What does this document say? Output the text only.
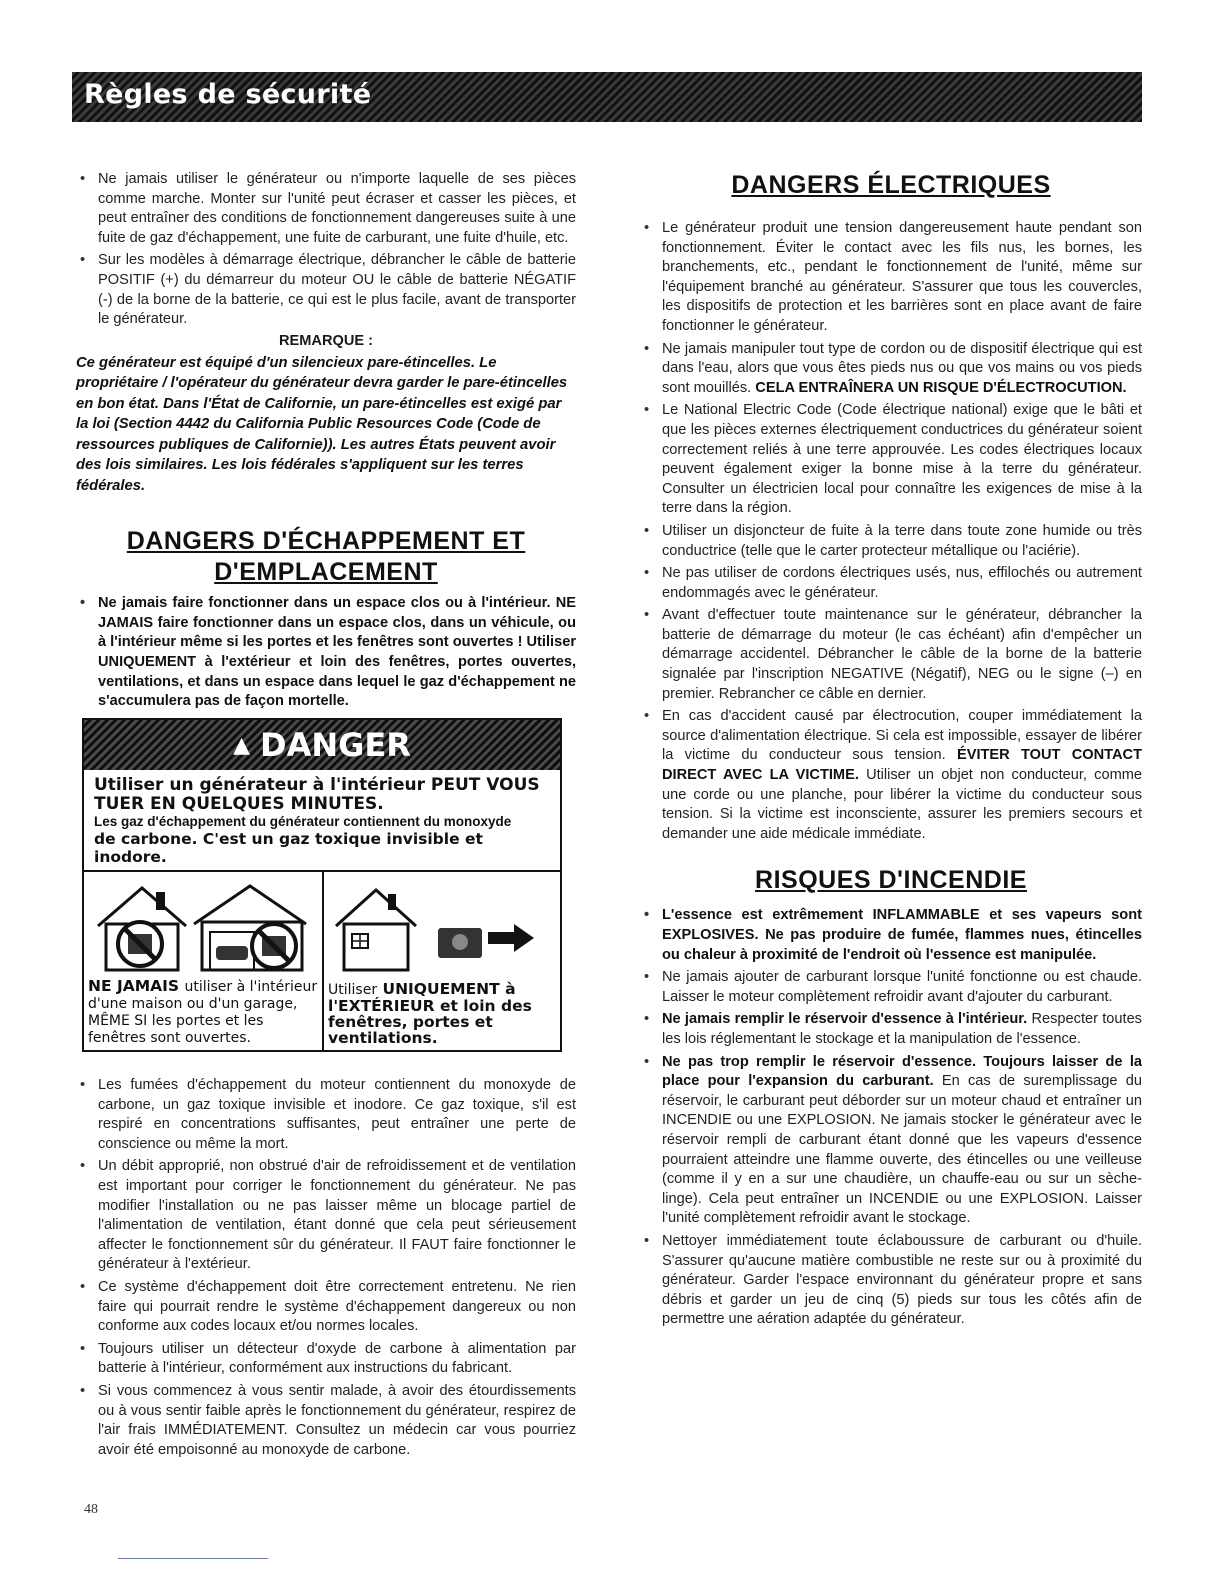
Règles de sécurité
• Ne jamais utiliser le générateur ou n'importe laquelle de ses pièces comme marche. Monter sur l'unité peut écraser et casser les pièces, et peut entraîner des conditions de fonctionnement dangereuses suite à une fuite de gaz d'échappement, une fuite de carburant, une fuite d'huile, etc.
• Sur les modèles à démarrage électrique, débrancher le câble de batterie POSITIF (+) du démarreur du moteur OU le câble de batterie NÉGATIF (-) de la borne de la batterie, ce qui est le plus facile, avant de transporter le générateur.
REMARQUE :

Ce générateur est équipé d'un silencieux pare-étincelles. Le propriétaire / l'opérateur du générateur devra garder le pare-étincelles en bon état. Dans l'État de Californie, un pare-étincelles est exigé par la loi (Section 4442 du California Public Resources Code (Code de ressources publiques de Californie)). Les autres États peuvent avoir des lois similaires. Les lois fédérales s'appliquent sur les terres fédérales.

DANGERS D'ÉCHAPPEMENT ET
D'EMPLACEMENT
• Ne jamais faire fonctionner dans un espace clos ou à l'intérieur. NE JAMAIS faire fonctionner dans un espace clos, dans un véhicule, ou à l'intérieur même si les portes et les fenêtres sont ouvertes ! Utiliser UNIQUEMENT à l'extérieur et loin des fenêtres, portes ouvertes, ventilations, et dans un espace dans lequel le gaz d'échappement ne s'accumulera pas de façon mortelle.
▲ DANGER
Utiliser un générateur à l'intérieur PEUT VOUS TUER EN QUELQUES MINUTES.
Les gaz d'échappement du générateur contiennent du monoxyde
de carbone. C'est un gaz toxique invisible et inodore.
NE JAMAIS utiliser à l'intérieur d'une maison ou d'un garage, MÊME SI les portes et les fenêtres sont ouvertes.
Utiliser UNIQUEMENT à l'EXTÉRIEUR et loin des fenêtres, portes et ventilations.
• Les fumées d'échappement du moteur contiennent du monoxyde de carbone, un gaz toxique invisible et inodore. Ce gaz toxique, s'il est respiré en concentrations suffisantes, peut entraîner une perte de conscience ou même la mort.
• Un débit approprié, non obstrué d'air de refroidissement et de ventilation est important pour corriger le fonctionnement du générateur. Ne pas modifier l'installation ou ne pas laisser même un blocage partiel de l'alimentation de ventilation, étant donné que cela peut sérieusement affecter le fonctionnement sûr du générateur. Il FAUT faire fonctionner le générateur à l'extérieur.
• Ce système d'échappement doit être correctement entretenu. Ne rien faire qui pourrait rendre le système d'échappement dangereux ou non conforme aux codes locaux et/ou normes locales.
• Toujours utiliser un détecteur d'oxyde de carbone à alimentation par batterie à l'intérieur, conformément aux instructions du fabricant.
• Si vous commencez à vous sentir malade, à avoir des étourdissements ou à vous sentir faible après le fonctionnement du générateur, respirez de l'air frais IMMÉDIATEMENT. Consultez un médecin car vous pourriez avoir été empoisonné au monoxyde de carbone.
DANGERS ÉLECTRIQUES
• Le générateur produit une tension dangereusement haute pendant son fonctionnement. Éviter le contact avec les fils nus, les bornes, les branchements, etc., pendant le fonctionnement de l'unité, même sur l'équipement branché au générateur. S'assurer que tous les couvercles, les dispositifs de protection et les barrières sont en place avant de faire fonctionner le générateur.
• Ne jamais manipuler tout type de cordon ou de dispositif électrique qui est dans l'eau, alors que vous êtes pieds nus ou que vos mains ou vos pieds sont mouillés. CELA ENTRAÎNERA UN RISQUE D'ÉLECTROCUTION.
• Le National Electric Code (Code électrique national) exige que le bâti et que les pièces externes électriquement conductrices du générateur soient correctement reliés à une terre approuvée. Les codes électriques locaux peuvent également exiger la bonne mise à la terre du générateur. Consulter un électricien local pour connaître les exigences de mise à la terre dans la région.
• Utiliser un disjoncteur de fuite à la terre dans toute zone humide ou très conductrice (telle que le carter protecteur métallique ou l'aciérie).
• Ne pas utiliser de cordons électriques usés, nus, effilochés ou autrement endommagés avec le générateur.
• Avant d'effectuer toute maintenance sur le générateur, débrancher la batterie de démarrage du moteur (le cas échéant) afin d'empêcher un démarrage accidentel. Débrancher le câble de la borne de la batterie signalée par l'inscription NEGATIVE (Négatif), NEG ou le signe (–) en premier. Rebrancher ce câble en dernier.
• En cas d'accident causé par électrocution, couper immédiatement la source d'alimentation électrique. Si cela est impossible, essayer de libérer la victime du conducteur sous tension. ÉVITER TOUT CONTACT DIRECT AVEC LA VICTIME. Utiliser un objet non conducteur, comme une corde ou une planche, pour libérer la victime du conducteur sous tension. Si la victime est inconsciente, assurer les premiers secours et demander une aide médicale immédiate.
RISQUES D'INCENDIE
• L'essence est extrêmement INFLAMMABLE et ses vapeurs sont EXPLOSIVES. Ne pas produire de fumée, flammes nues, étincelles ou chaleur à proximité de l'endroit où l'essence est manipulée.
• Ne jamais ajouter de carburant lorsque l'unité fonctionne ou est chaude. Laisser le moteur complètement refroidir avant d'ajouter du carburant.
• Ne jamais remplir le réservoir d'essence à l'intérieur. Respecter toutes les lois réglementant le stockage et la manipulation de l'essence.
• Ne pas trop remplir le réservoir d'essence. Toujours laisser de la place pour l'expansion du carburant. En cas de suremplissage du réservoir, le carburant peut déborder sur un moteur chaud et entraîner un INCENDIE ou une EXPLOSION. Ne jamais stocker le générateur avec le réservoir rempli de carburant étant donné que les vapeurs d'essence pourraient atteindre une flamme ouverte, des étincelles ou une veilleuse (comme il y en a sur une chaudière, un chauffe-eau ou sur un sèche-linge). Cela peut entraîner un INCENDIE ou une EXPLOSION. Laisser l'unité complètement refroidir avant le stockage.
• Nettoyer immédiatement toute éclaboussure de carburant ou d'huile. S'assurer qu'aucune matière combustible ne reste sur ou à proximité du générateur. Garder l'espace environnant du générateur propre et sans débris et garder un jeu de cinq (5) pieds sur tous les côtés afin de permettre une aération adaptée du générateur.
48
